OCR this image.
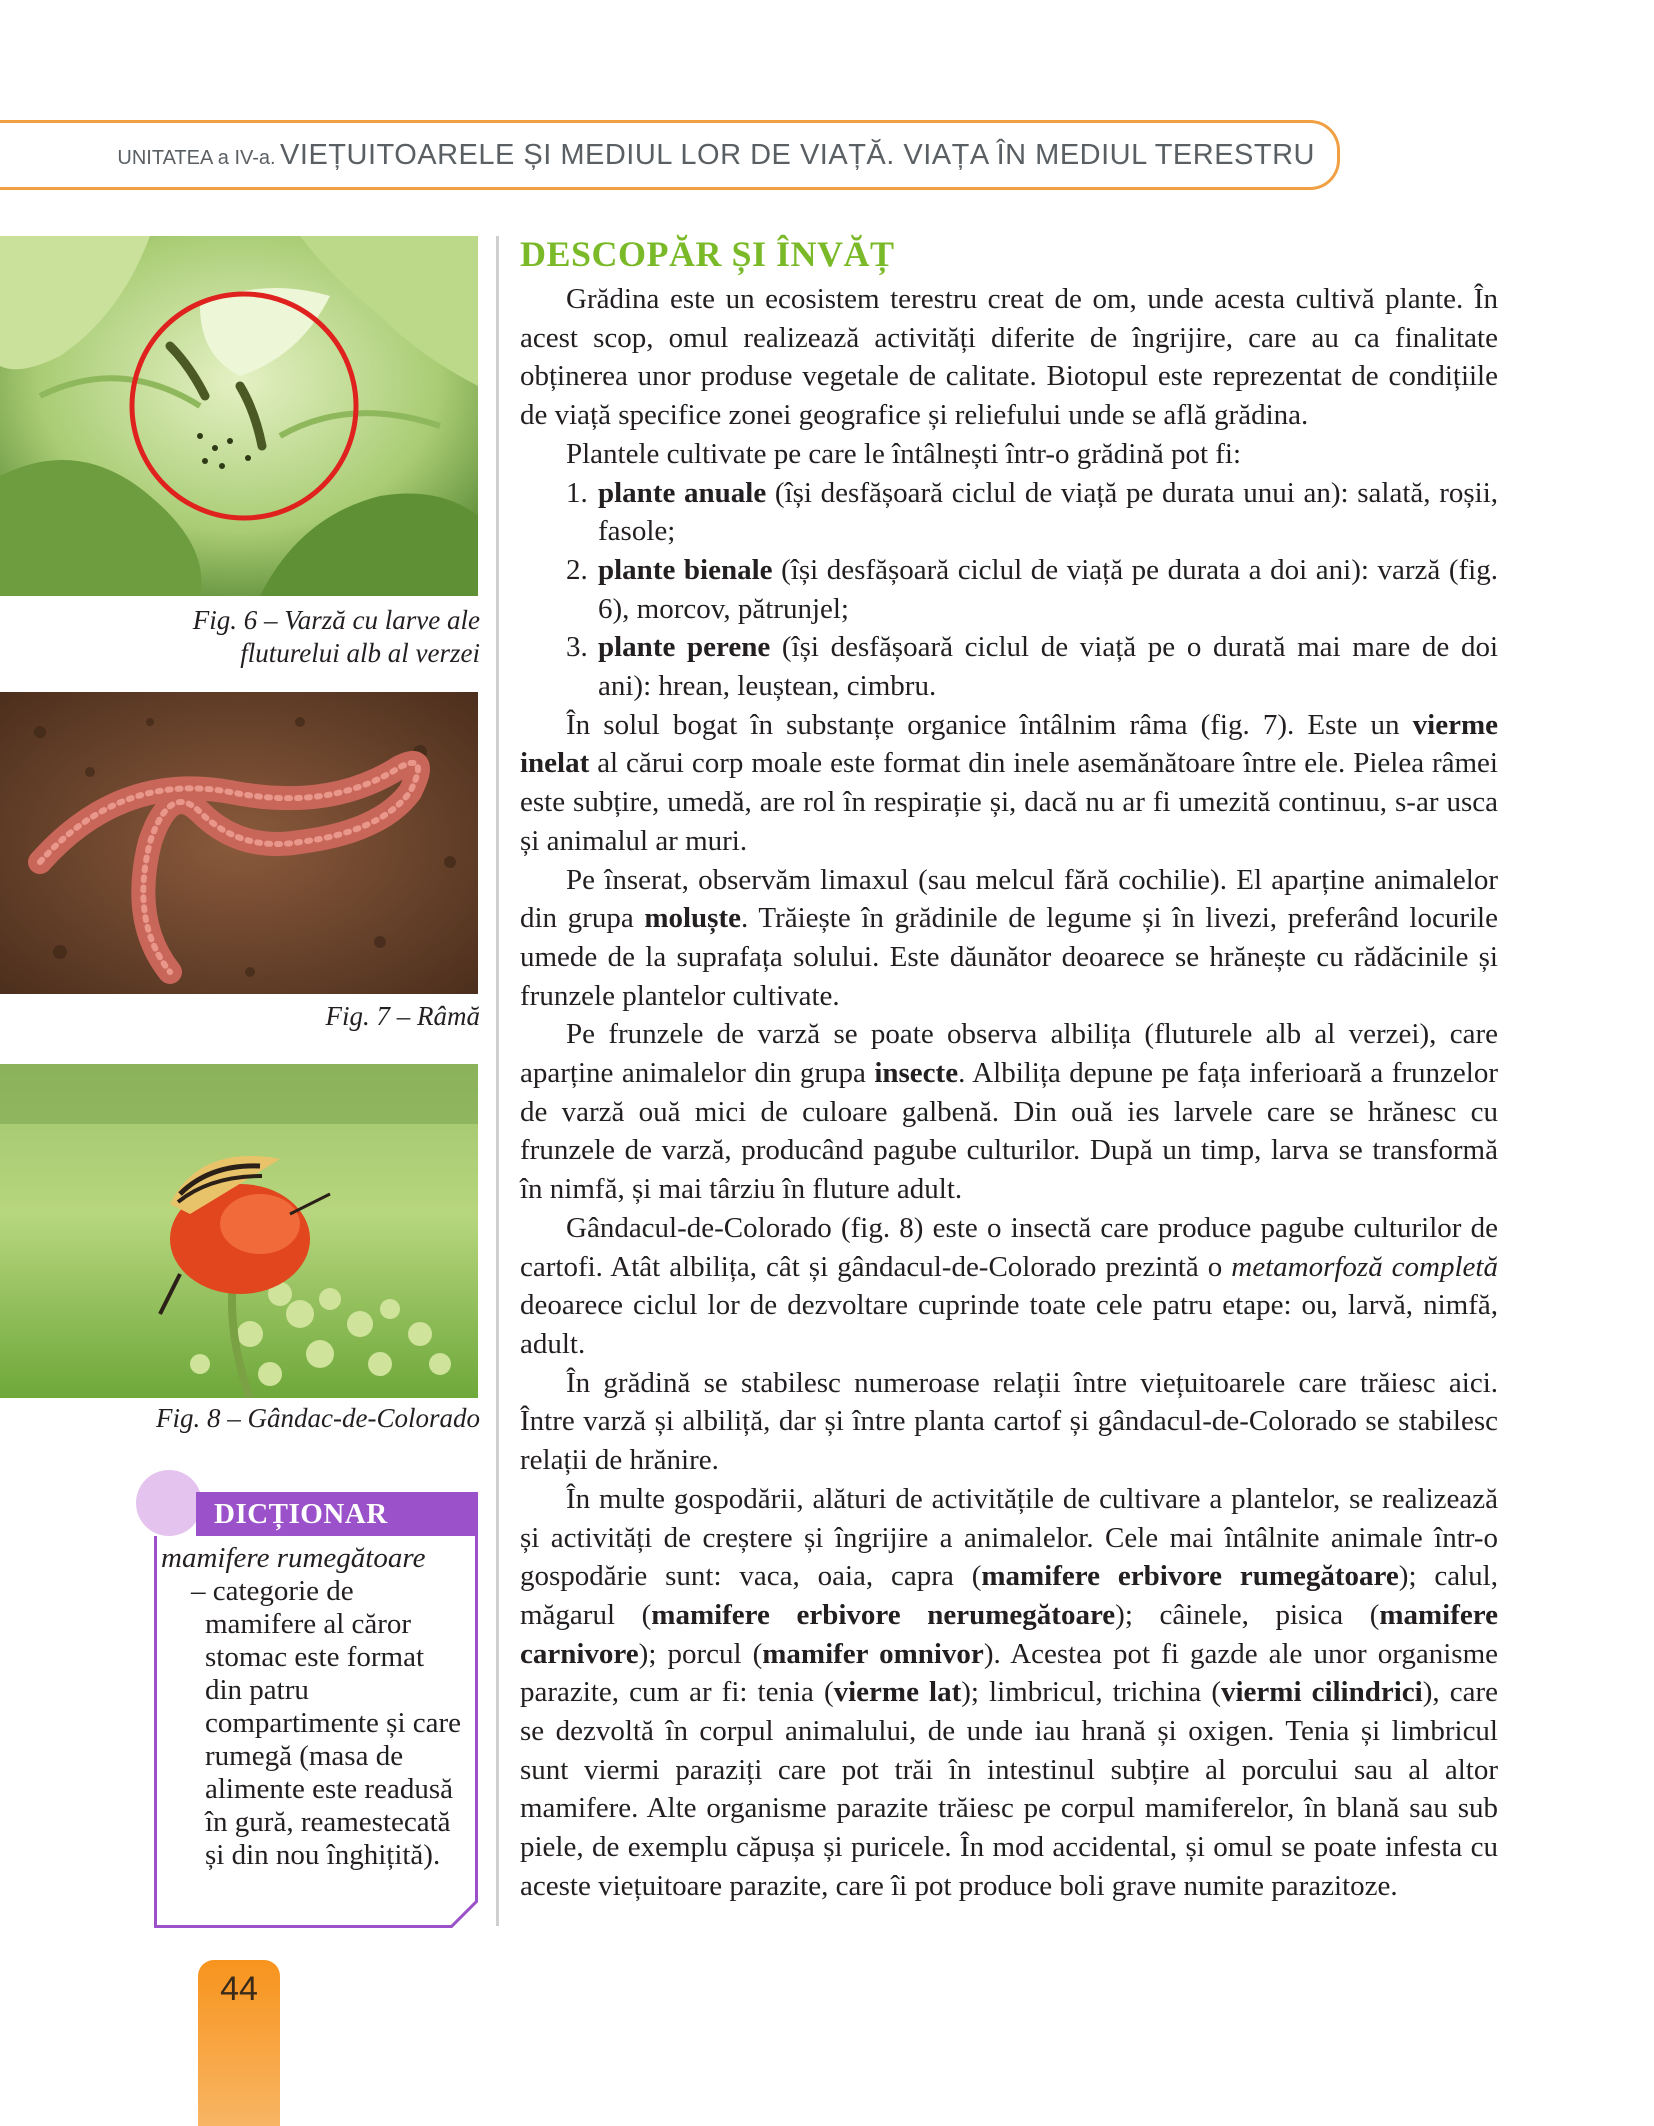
UNITATEA a IV-a. VIEȚUITOARELE ȘI MEDIUL LOR DE VIAȚĂ. VIAȚA ÎN MEDIUL TERESTRU
Fig. 6 – Varză cu larve ale
fluturelui alb al verzei
Fig. 7 – Râmă
Fig. 8 – Gândac-de-Colorado
DICȚIONAR
mamifere rumegătoare
– categorie de mamifere al căror stomac este format din patru compartimente și care rumegă (masa de alimente este readusă în gură, reamestecată și din nou înghițită).
DESCOPĂR ȘI ÎNVĂȚ

Grădina este un ecosistem terestru creat de om, unde acesta cultivă plante. În acest scop, omul realizează activități diferite de îngrijire, care au ca finalitate obținerea unor produse vegetale de calitate. Biotopul este reprezentat de condițiile de viață specifice zonei geografice și reliefului unde se află grădina.

Plantele cultivate pe care le întâlnești într-o grădină pot fi:

1. plante anuale (își desfășoară ciclul de viață pe durata unui an): salată, roșii, fasole;
2. plante bienale (își desfășoară ciclul de viață pe durata a doi ani): varză (fig. 6), morcov, pătrunjel;
3. plante perene (își desfășoară ciclul de viață pe o durată mai mare de doi ani): hrean, leuștean, cimbru.

În solul bogat în substanțe organice întâlnim râma (fig. 7). Este un vierme inelat al cărui corp moale este format din inele asemănătoare între ele. Pielea râmei este subțire, umedă, are rol în respirație și, dacă nu ar fi umezită continuu, s-ar usca și animalul ar muri.

Pe înserat, observăm limaxul (sau melcul fără cochilie). El aparține animalelor din grupa moluște. Trăiește în grădinile de legume și în livezi, preferând locurile umede de la suprafața solului. Este dăunător deoarece se hrănește cu rădăcinile și frunzele plantelor cultivate.

Pe frunzele de varză se poate observa albilița (fluturele alb al verzei), care aparține animalelor din grupa insecte. Albilița depune pe fața inferioară a frunzelor de varză ouă mici de culoare galbenă. Din ouă ies larvele care se hrănesc cu frunzele de varză, producând pagube culturilor. După un timp, larva se transformă în nimfă, și mai târziu în fluture adult.

Gândacul-de-Colorado (fig. 8) este o insectă care produce pagube culturilor de cartofi. Atât albilița, cât și gândacul-de-Colorado prezintă o metamorfoză completă deoarece ciclul lor de dezvoltare cuprinde toate cele patru etape: ou, larvă, nimfă, adult.

În grădină se stabilesc numeroase relații între viețuitoarele care trăiesc aici. Între varză și albiliță, dar și între planta cartof și gândacul-de-Colorado se stabilesc relații de hrănire.

În multe gospodării, alături de activitățile de cultivare a plantelor, se realizează și activități de creștere și îngrijire a animalelor. Cele mai întâlnite animale într-o gospodărie sunt: vaca, oaia, capra (mamifere erbivore rumegătoare); calul, măgarul (mamifere erbivore nerumegătoare); câinele, pisica (mamifere carnivore); porcul (mamifer omnivor). Acestea pot fi gazde ale unor organisme parazite, cum ar fi: tenia (vierme lat); limbricul, trichina (viermi cilindrici), care se dezvoltă în corpul animalului, de unde iau hrană și oxigen. Tenia și limbricul sunt viermi paraziți care pot trăi în intestinul subțire al porcului sau al altor mamifere. Alte organisme parazite trăiesc pe corpul mamiferelor, în blană sau sub piele, de exemplu căpușa și puricele. În mod accidental, și omul se poate infesta cu aceste viețuitoare parazite, care îi pot produce boli grave numite parazitoze.

44
